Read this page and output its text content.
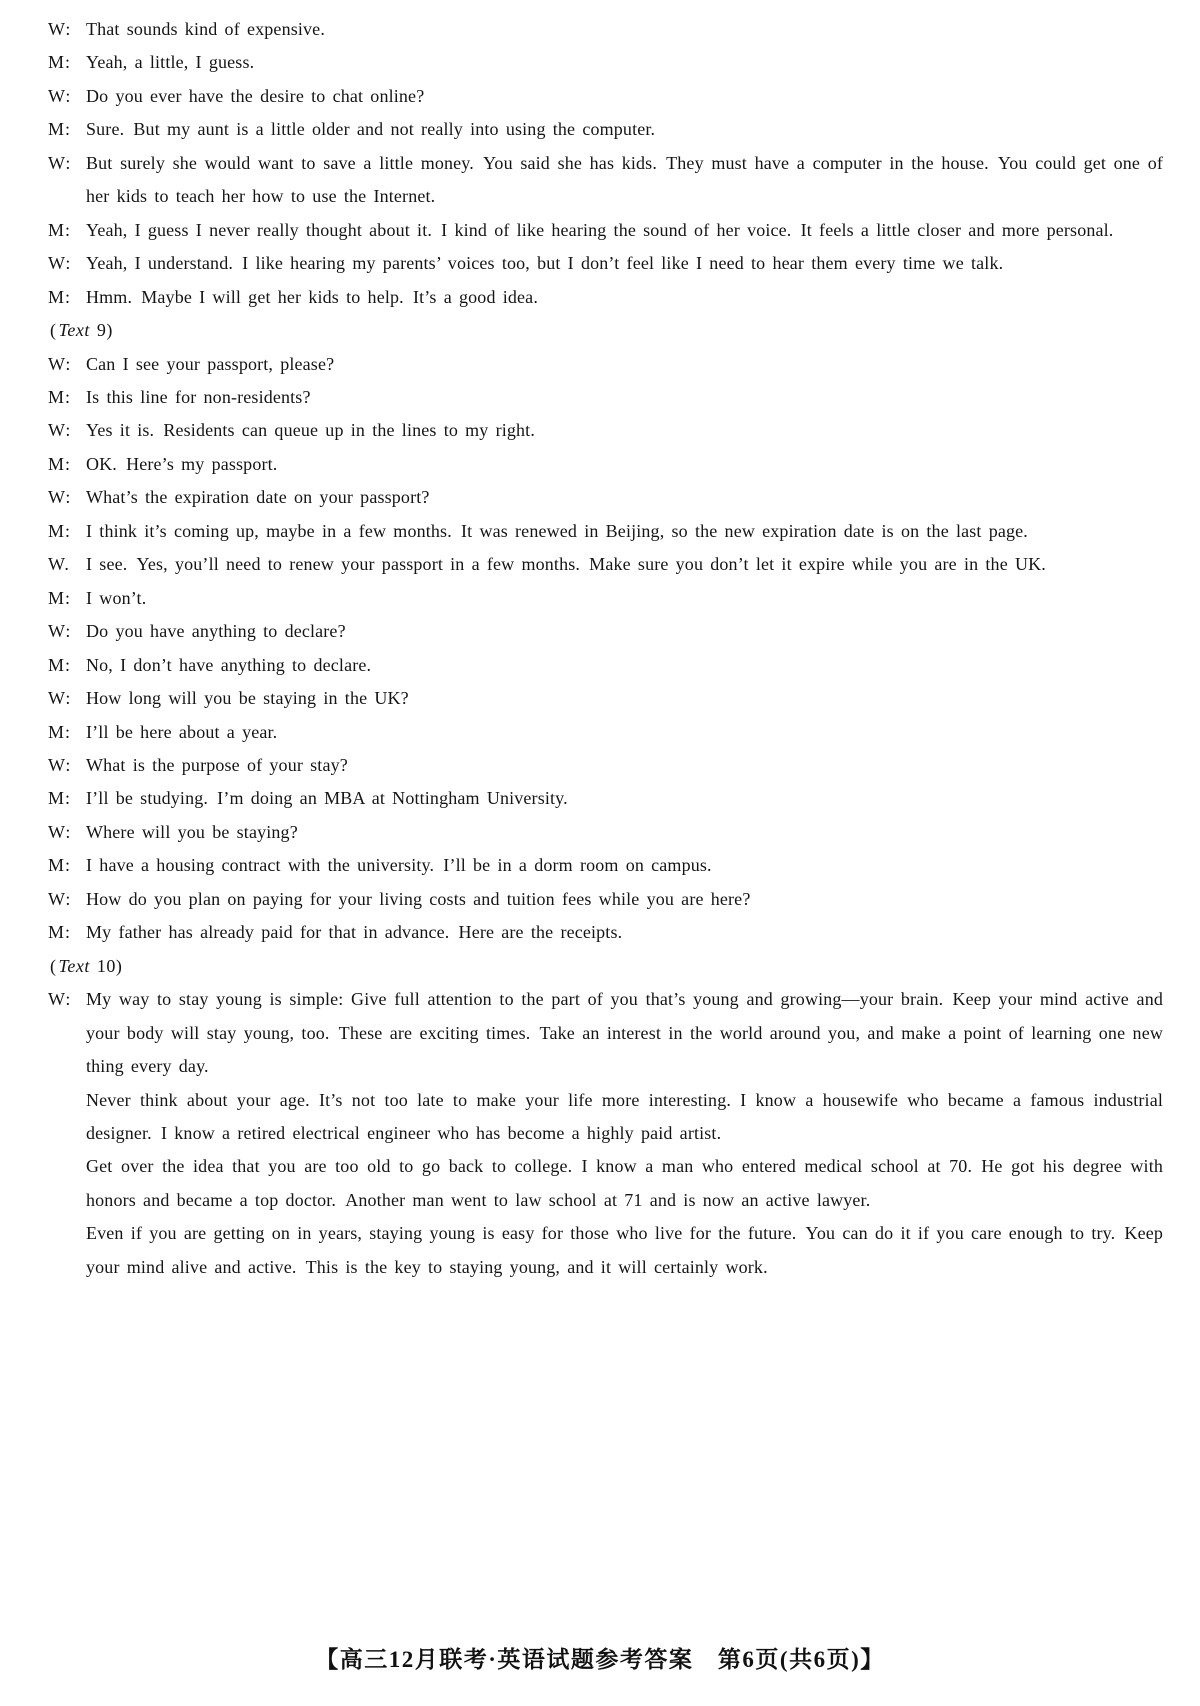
W: That sounds kind of expensive.
M: Yeah, a little, I guess.
W: Do you ever have the desire to chat online?
M: Sure. But my aunt is a little older and not really into using the computer.
W: But surely she would want to save a little money. You said she has kids. They must have a computer in the house. You could get one of her kids to teach her how to use the Internet.
M: Yeah, I guess I never really thought about it. I kind of like hearing the sound of her voice. It feels a little closer and more personal.
W: Yeah, I understand. I like hearing my parents’ voices too, but I don’t feel like I need to hear them every time we talk.
M: Hmm. Maybe I will get her kids to help. It’s a good idea.
( Text 9)
W: Can I see your passport, please?
M: Is this line for non-residents?
W: Yes it is. Residents can queue up in the lines to my right.
M: OK. Here’s my passport.
W: What’s the expiration date on your passport?
M: I think it’s coming up, maybe in a few months. It was renewed in Beijing, so the new expiration date is on the last page.
W. I see. Yes, you’ll need to renew your passport in a few months. Make sure you don’t let it expire while you are in the UK.
M: I won’t.
W: Do you have anything to declare?
M: No, I don’t have anything to declare.
W: How long will you be staying in the UK?
M: I’ll be here about a year.
W: What is the purpose of your stay?
M: I’ll be studying. I’m doing an MBA at Nottingham University.
W: Where will you be staying?
M: I have a housing contract with the university. I’ll be in a dorm room on campus.
W: How do you plan on paying for your living costs and tuition fees while you are here?
M: My father has already paid for that in advance. Here are the receipts.
( Text 10)
W: My way to stay young is simple: Give full attention to the part of you that’s young and growing—your brain. Keep your mind active and your body will stay young, too. These are exciting times. Take an interest in the world around you, and make a point of learning one new thing every day.
Never think about your age. It’s not too late to make your life more interesting. I know a housewife who became a famous industrial designer. I know a retired electrical engineer who has become a highly paid artist.
Get over the idea that you are too old to go back to college. I know a man who entered medical school at 70. He got his degree with honors and became a top doctor. Another man went to law school at 71 and is now an active lawyer.
Even if you are getting on in years, staying young is easy for those who live for the future. You can do it if you care enough to try. Keep your mind alive and active. This is the key to staying young, and it will certainly work.
【高三12月联考·英语试题参考答案　第6页(共6页)】
